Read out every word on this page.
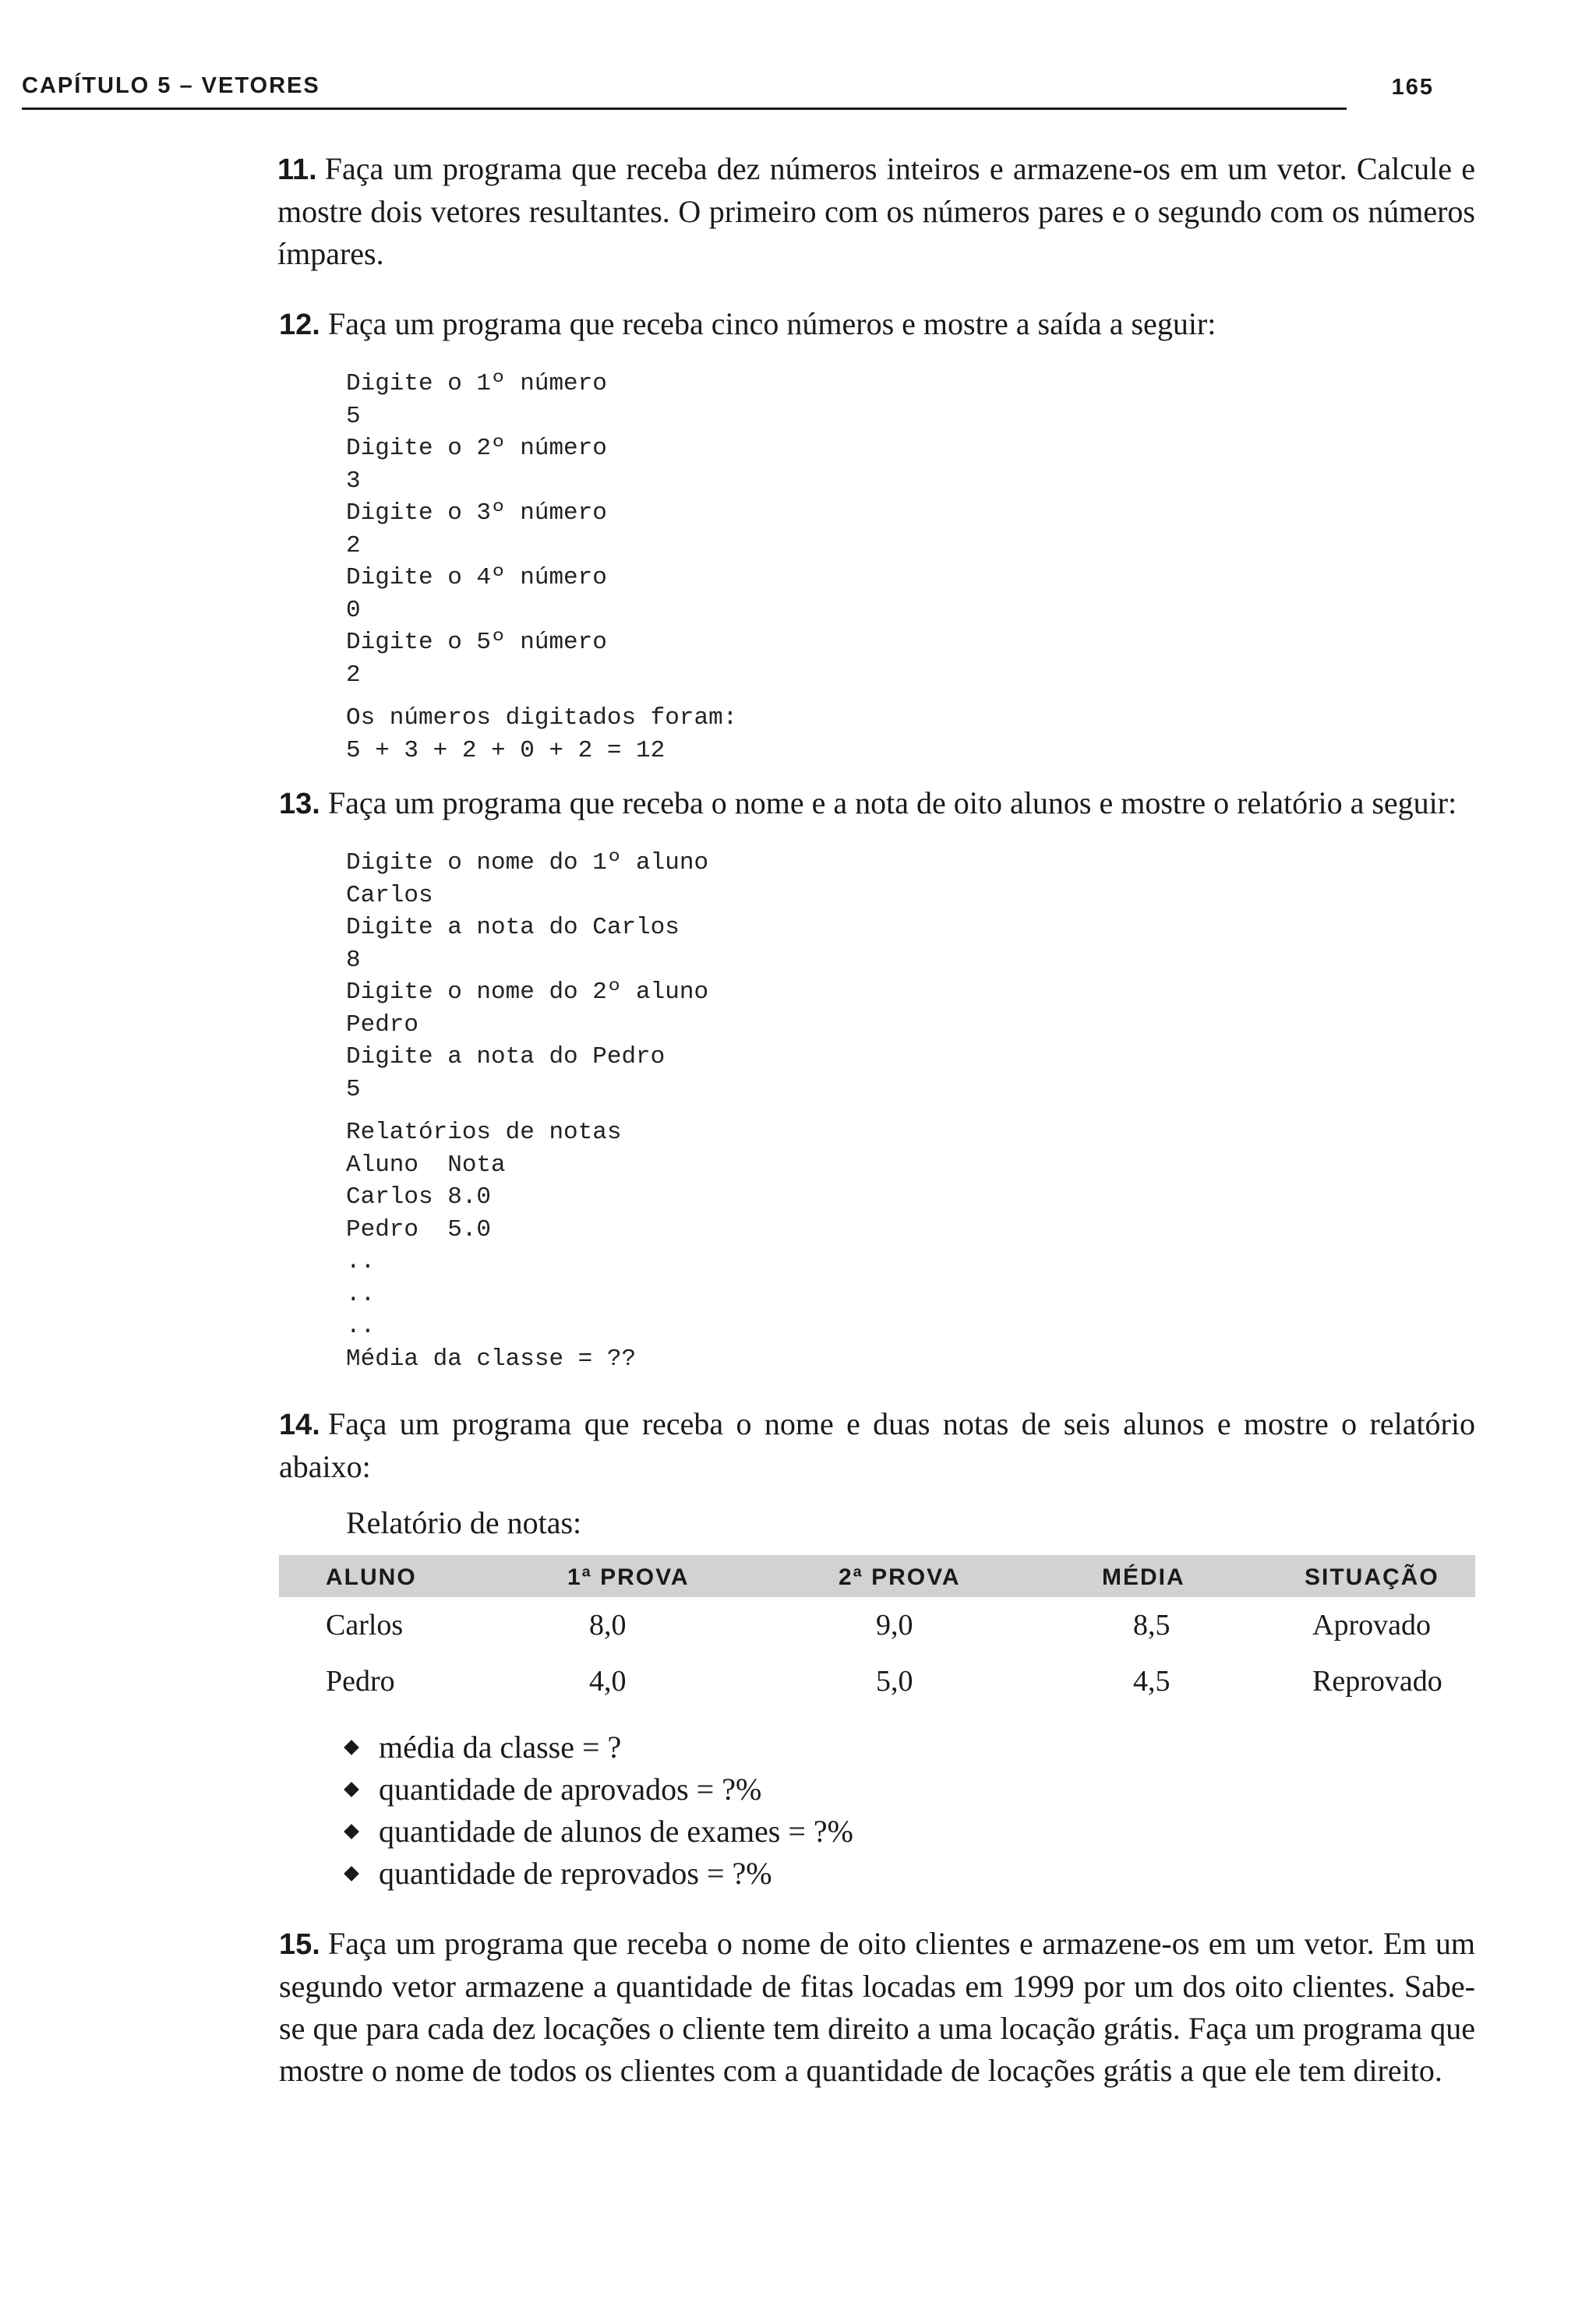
CAPÍTULO 5 – VETORES	165

11. Faça um programa que receba dez números inteiros e armazene-os em um vetor. Calcule e mostre dois vetores resultantes. O primeiro com os números pares e o segundo com os números ímpares.

12. Faça um programa que receba cinco números e mostre a saída a seguir:

Digite o 1º número
5
Digite o 2º número
3
Digite o 3º número
2
Digite o 4º número
0
Digite o 5º número
2
Os números digitados foram:
5 + 3 + 2 + 0 + 2 = 12

13. Faça um programa que receba o nome e a nota de oito alunos e mostre o relatório a seguir:

Digite o nome do 1º aluno
Carlos
Digite a nota do Carlos
8
Digite o nome do 2º aluno
Pedro
Digite a nota do Pedro
5
Relatórios de notas
Aluno  Nota
Carlos 8.0
Pedro  5.0
..
..
..
Média da classe = ??

14. Faça um programa que receba o nome e duas notas de seis alunos e mostre o relatório abaixo:

Relatório de notas:
ALUNO	1ª PROVA	2ª PROVA	MÉDIA	SITUAÇÃO
Carlos	8,0	9,0	8,5	Aprovado
Pedro	4,0	5,0	4,5	Reprovado
média da classe = ?
quantidade de aprovados = ?%
quantidade de alunos de exames = ?%
quantidade de reprovados = ?%

15. Faça um programa que receba o nome de oito clientes e armazene-os em um vetor. Em um segundo vetor armazene a quantidade de fitas locadas em 1999 por um dos oito clientes. Sabe-se que para cada dez locações o cliente tem direito a uma locação grátis. Faça um programa que mostre o nome de todos os clientes com a quantidade de locações grátis a que ele tem direito.
